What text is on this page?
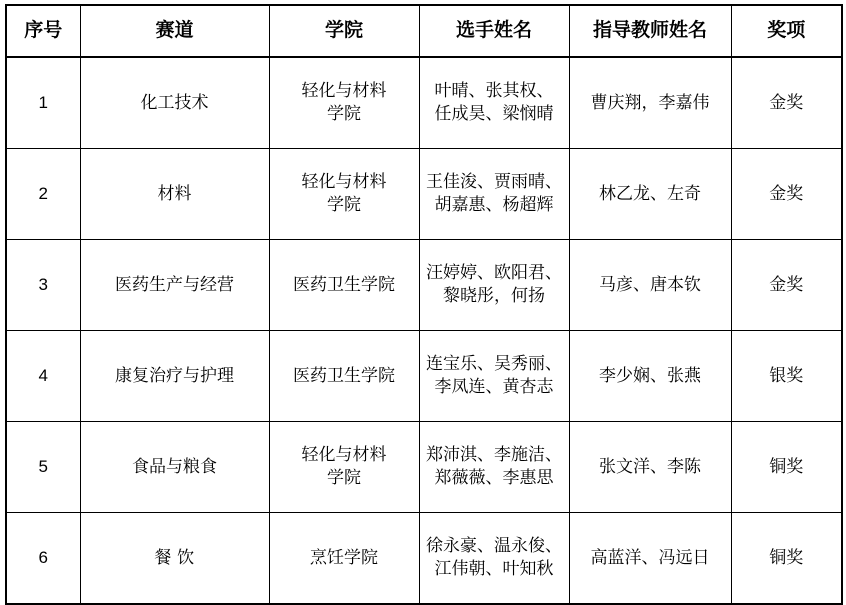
序号	赛道	学院	选手姓名	指导教师姓名	奖项
1	化工技术	轻化与材料
学院	叶晴、张其权、
任成昊、梁悯晴	曹庆翔，李嘉伟	金奖
2	材料	轻化与材料
学院	王佳浚、贾雨晴、
胡嘉惠、杨超辉	林乙龙、左奇	金奖
3	医药生产与经营	医药卫生学院	汪婷婷、欧阳君、
黎晓彤，何扬	马彦、唐本钦	金奖
4	康复治疗与护理	医药卫生学院	连宝乐、吴秀丽、
李凤连、黄杏志	李少娴、张燕	银奖
5	食品与粮食	轻化与材料
学院	郑沛淇、李施洁、
郑薇薇、李惠思	张文洋、李陈	铜奖
6	餐 饮	烹饪学院	徐永豪、温永俊、
江伟朝、叶知秋	高蓝洋、冯远日	铜奖
